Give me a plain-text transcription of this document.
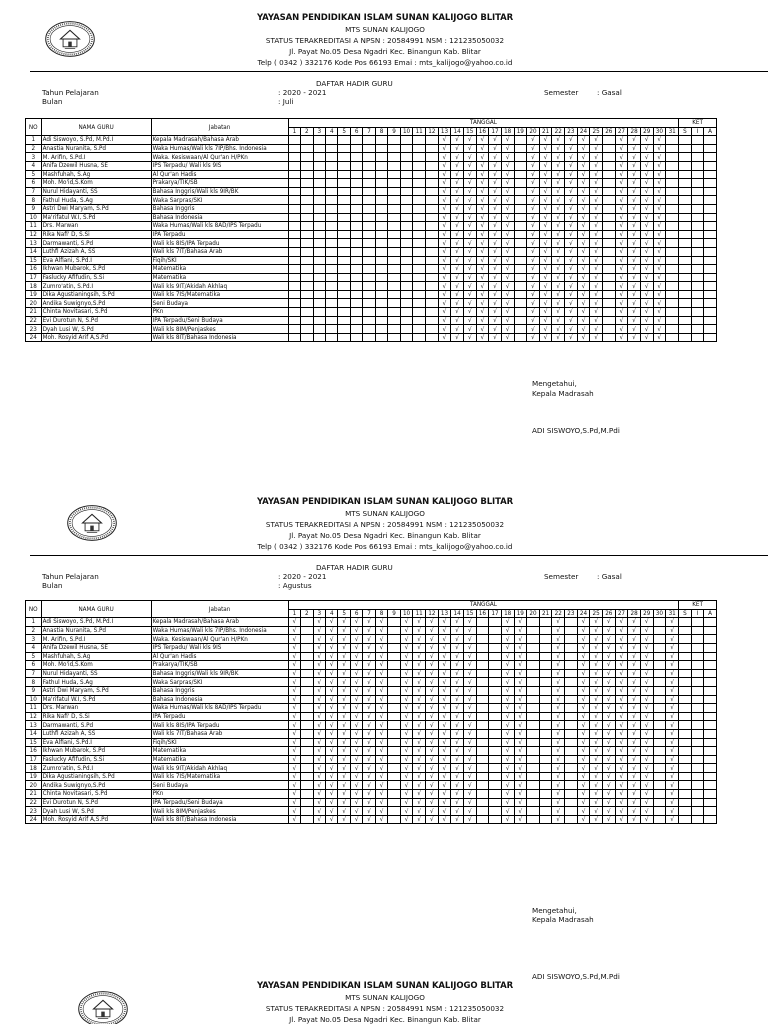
YAYASAN PENDIDIKAN ISLAM SUNAN KALIJOGO BLITAR
MTS SUNAN KALIJOGO
STATUS TERAKREDITASI A NPSN : 20584991 NSM : 121235050032
Jl. Payat No.05 Desa Ngadri Kec. Binangun Kab. Blitar
Telp ( 0342 ) 332176 Kode Pos 66193 Emai : mts_kalijogo@yahoo.co.id
DAFTAR HADIR GURU
Tahun Pelajaran
Bulan
: 2020 - 2021
: Juli
Semester	: Gasal
NO	NAMA GURU	Jabatan	TANGGAL																															KET		
			1	2	3	4	5	6	7	8	9	10	11	12	13	14	15	16	17	18	19	20	21	22	23	24	25	26	27	28	29	30	31	S	I	A
1	Adi Siswoyo, S.Pd, M.Pd.I	Kepala Madrasah/Bahasa Arab													√	√	√	√	√	√		√	√	√	√	√	√		√	√	√	√				
2	Anastia Nuranita, S.Pd	Waka Humas/Wali kls 7IP/Bhs. Indonesia													√	√	√	√	√	√		√	√	√	√	√	√		√	√	√	√				
3	M. Arifin, S.Pd.I	Waka. Kesiswaan/Al Qur'an H/PKn													√	√	√	√	√	√		√	√	√	√	√	√		√	√	√	√				
4	Anifa Dzewil Husna, SE	IPS Terpadu/ Wali kls 9IS													√	√	√	√	√	√		√	√	√	√	√	√		√	√	√	√				
5	Mashfuhah, S.Ag	Al Qur'an Hadis													√	√	√	√	√	√		√	√	√	√	√	√		√	√	√	√				
6	Moh. Mo'id,S.Kom	Prakarya/TIK/SB													√	√	√	√	√	√		√	√	√	√	√	√		√	√	√	√				
7	Nurul Hidayanti, SS	Bahasa Inggris/Wali kls 9IR/BK													√	√	√	√	√	√		√	√	√	√	√	√		√	√	√	√				
8	Fathul Huda, S.Ag	Waka Sarpras/SKI													√	√	√	√	√	√		√	√	√	√	√	√		√	√	√	√				
9	Astri Dwi Maryam, S.Pd	Bahasa Inggris													√	√	√	√	√	√		√	√	√	√	√	√		√	√	√	√				
10	Ma'rifatul W.I, S.Pd	Bahasa Indonesia													√	√	√	√	√	√		√	√	√	√	√	√		√	√	√	√				
11	Drs. Marwan	Waka Humas/Wali kls 8AD/IPS Terpadu													√	√	√	√	√	√		√	√	√	√	√	√		√	√	√	√				
12	Rika Nafi' D, S.Si	IPA Terpadu													√	√	√	√	√	√		√	√	√	√	√	√		√	√	√	√				
13	Darmawanti, S.Pd	Wali kls 8IS/IPA Terpadu													√	√	√	√	√	√		√	√	√	√	√	√		√	√	√	√				
14	Luthfi Azizah A, SS	Wali kls 7IT/Bahasa Arab													√	√	√	√	√	√		√	√	√	√	√	√		√	√	√	√				
15	Eva Alfiani, S.Pd.I	Fiqih/SKI													√	√	√	√	√	√		√	√	√	√	√	√		√	√	√	√				
16	Ikhwan Mubarok, S.Pd	Matematika													√	√	√	√	√	√		√	√	√	√	√	√		√	√	√	√				
17	Faslucky Afifudin, S.Si	Matematika													√	√	√	√	√	√		√	√	√	√	√	√		√	√	√	√				
18	Zumro'atin, S.Pd.I	Wali kls 9IT/Akidah Akhlaq													√	√	√	√	√	√		√	√	√	√	√	√		√	√	√	√				
19	Dika Agustianingsih, S.Pd	Wali kls 7IS/Matematika													√	√	√	√	√	√		√	√	√	√	√	√		√	√	√	√				
20	Andika Suwignyo,S.Pd	Seni Budaya													√	√	√	√	√	√		√	√	√	√	√	√		√	√	√	√				
21	Chinta Novitasari, S.Pd	PKn													√	√	√	√	√	√		√	√	√	√	√	√		√	√	√	√				
22	Evi Durotun N, S.Pd	IPA Terpadu/Seni Budaya													√	√	√	√	√	√		√	√	√	√	√	√		√	√	√	√				
23	Dyah Lusi W, S.Pd	Wali kls 8IM/Penjaskes													√	√	√	√	√	√		√	√	√	√	√	√		√	√	√	√				
24	Moh. Rosyid Arif A,S.Pd	Wali kls 8IT/Bahasa Indonesia													√	√	√	√	√	√		√	√	√	√	√	√		√	√	√	√				
Mengetahui,
Kepala Madrasah
ADI SISWOYO,S.Pd,M.Pdi
YAYASAN PENDIDIKAN ISLAM SUNAN KALIJOGO BLITAR
MTS SUNAN KALIJOGO
STATUS TERAKREDITASI A NPSN : 20584991 NSM : 121235050032
Jl. Payat No.05 Desa Ngadri Kec. Binangun Kab. Blitar
Telp ( 0342 ) 332176 Kode Pos 66193 Emai : mts_kalijogo@yahoo.co.id
DAFTAR HADIR GURU
Tahun Pelajaran
Bulan
: 2020 - 2021
: Agustus
Semester	: Gasal
NO	NAMA GURU	Jabatan	TANGGAL																															KET		
			1	2	3	4	5	6	7	8	9	10	11	12	13	14	15	16	17	18	19	20	21	22	23	24	25	26	27	28	29	30	31	S	I	A
1	Adi Siswoyo, S.Pd, M.Pd.I	Kepala Madrasah/Bahasa Arab	√		√	√	√	√	√	√		√	√	√	√	√	√			√	√			√		√	√	√	√	√	√		√			
2	Anastia Nuranita, S.Pd	Waka Humas/Wali kls 7IP/Bhs. Indonesia	√		√	√	√	√	√	√		√	√	√	√	√	√			√	√			√		√	√	√	√	√	√		√			
3	M. Arifin, S.Pd.I	Waka. Kesiswaan/Al Qur'an H/PKn	√		√	√	√	√	√	√		√	√	√	√	√	√			√	√			√		√	√	√	√	√	√		√			
4	Anifa Dzewil Husna, SE	IPS Terpadu/ Wali kls 9IS	√		√	√	√	√	√	√		√	√	√	√	√	√			√	√			√		√	√	√	√	√	√		√			
5	Mashfuhah, S.Ag	Al Qur'an Hadis	√		√	√	√	√	√	√		√	√	√	√	√	√			√	√			√		√	√	√	√	√	√		√			
6	Moh. Mo'id,S.Kom	Prakarya/TIK/SB	√		√	√	√	√	√	√		√	√	√	√	√	√			√	√			√		√	√	√	√	√	√		√			
7	Nurul Hidayanti, SS	Bahasa Inggris/Wali kls 9IR/BK	√		√	√	√	√	√	√		√	√	√	√	√	√			√	√			√		√	√	√	√	√	√		√			
8	Fathul Huda, S.Ag	Waka Sarpras/SKI	√		√	√	√	√	√	√		√	√	√	√	√	√			√	√			√		√	√	√	√	√	√		√			
9	Astri Dwi Maryam, S.Pd	Bahasa Inggris	√		√	√	√	√	√	√		√	√	√	√	√	√			√	√			√		√	√	√	√	√	√		√			
10	Ma'rifatul W.I, S.Pd	Bahasa Indonesia	√		√	√	√	√	√	√		√	√	√	√	√	√			√	√			√		√	√	√	√	√	√		√			
11	Drs. Marwan	Waka Humas/Wali kls 8AD/IPS Terpadu	√		√	√	√	√	√	√		√	√	√	√	√	√			√	√			√		√	√	√	√	√	√		√			
12	Rika Nafi' D, S.Si	IPA Terpadu	√		√	√	√	√	√	√		√	√	√	√	√	√			√	√			√		√	√	√	√	√	√		√			
13	Darmawanti, S.Pd	Wali kls 8IS/IPA Terpadu	√		√	√	√	√	√	√		√	√	√	√	√	√			√	√			√		√	√	√	√	√	√		√			
14	Luthfi Azizah A, SS	Wali kls 7IT/Bahasa Arab	√		√	√	√	√	√	√		√	√	√	√	√	√			√	√			√		√	√	√	√	√	√		√			
15	Eva Alfiani, S.Pd.I	Fiqih/SKI	√		√	√	√	√	√	√		√	√	√	√	√	√			√	√			√		√	√	√	√	√	√		√			
16	Ikhwan Mubarok, S.Pd	Matematika	√		√	√	√	√	√	√		√	√	√	√	√	√			√	√			√		√	√	√	√	√	√		√			
17	Faslucky Afifudin, S.Si	Matematika	√		√	√	√	√	√	√		√	√	√	√	√	√			√	√			√		√	√	√	√	√	√		√			
18	Zumro'atin, S.Pd.I	Wali kls 9IT/Akidah Akhlaq	√		√	√	√	√	√	√		√	√	√	√	√	√			√	√			√		√	√	√	√	√	√		√			
19	Dika Agustianingsih, S.Pd	Wali kls 7IS/Matematika	√		√	√	√	√	√	√		√	√	√	√	√	√			√	√			√		√	√	√	√	√	√		√			
20	Andika Suwignyo,S.Pd	Seni Budaya	√		√	√	√	√	√	√		√	√	√	√	√	√			√	√			√		√	√	√	√	√	√		√			
21	Chinta Novitasari, S.Pd	PKn	√		√	√	√	√	√	√		√	√	√	√	√	√			√	√			√		√	√	√	√	√	√		√			
22	Evi Durotun N, S.Pd	IPA Terpadu/Seni Budaya	√		√	√	√	√	√	√		√	√	√	√	√	√			√	√			√		√	√	√	√	√	√		√			
23	Dyah Lusi W, S.Pd	Wali kls 8IM/Penjaskes	√		√	√	√	√	√	√		√	√	√	√	√	√			√	√			√		√	√	√	√	√	√		√			
24	Moh. Rosyid Arif A,S.Pd	Wali kls 8IT/Bahasa Indonesia	√		√	√	√	√	√	√		√	√	√	√	√	√			√	√			√		√	√	√	√	√	√		√			
Mengetahui,
Kepala Madrasah
ADI SISWOYO,S.Pd,M.Pdi
YAYASAN PENDIDIKAN ISLAM SUNAN KALIJOGO BLITAR
MTS SUNAN KALIJOGO
STATUS TERAKREDITASI A NPSN : 20584991 NSM : 121235050032
Jl. Payat No.05 Desa Ngadri Kec. Binangun Kab. Blitar
